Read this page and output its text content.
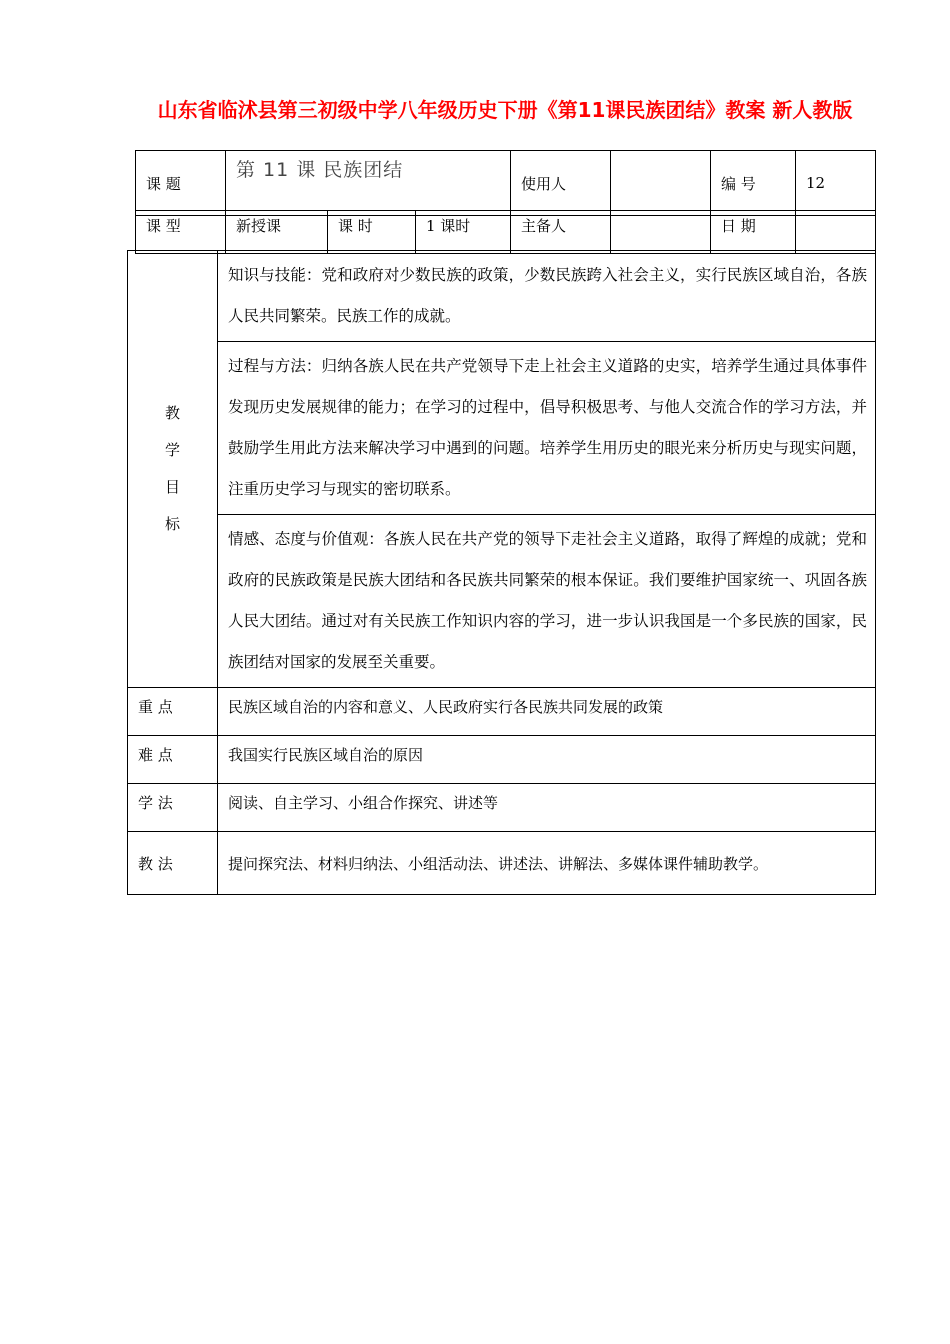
山东省临沭县第三初级中学八年级历史下册《第11课民族团结》教案 新人教版
课 题	第 11 课 民族团结	使用人		编 号	12
课 型	新授课	课 时	1 课时	主备人		日 期	
教
学
目
标	知识与技能：党和政府对少数民族的政策，少数民族跨入社会主义，实行民族区域自治，各族人民共同繁荣。民族工作的成就。
	过程与方法：归纳各族人民在共产党领导下走上社会主义道路的史实，培养学生通过具体事件发现历史发展规律的能力；在学习的过程中，倡导积极思考、与他人交流合作的学习方法，并鼓励学生用此方法来解决学习中遇到的问题。培养学生用历史的眼光来分析历史与现实问题，注重历史学习与现实的密切联系。
	情感、态度与价值观：各族人民在共产党的领导下走社会主义道路，取得了辉煌的成就；党和政府的民族政策是民族大团结和各民族共同繁荣的根本保证。我们要维护国家统一、巩固各族人民大团结。通过对有关民族工作知识内容的学习，进一步认识我国是一个多民族的国家，民族团结对国家的发展至关重要。
重 点	民族区域自治的内容和意义、人民政府实行各民族共同发展的政策
难 点	我国实行民族区域自治的原因
学 法	阅读、自主学习、小组合作探究、讲述等
教 法	提问探究法、材料归纳法、小组活动法、讲述法、讲解法、多媒体课件辅助教学。
